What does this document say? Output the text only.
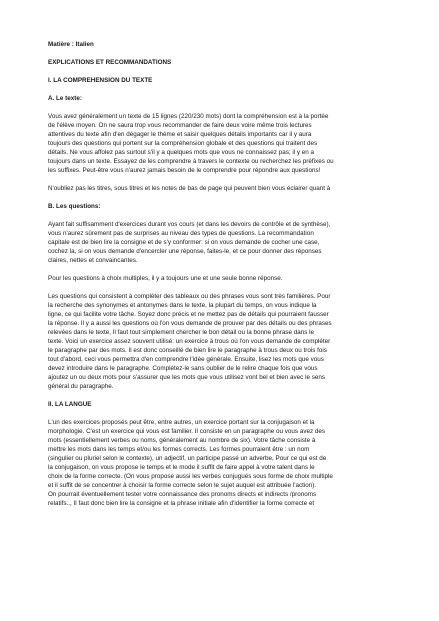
Matière : Italien
EXPLICATIONS ET RECOMMANDATIONS
I. LA COMPREHENSION DU TEXTE
A. Le texte:
Vous avez généralement un texte de 15 lignes (220/230 mots) dont la compréhension est à la portée
de l'élève moyen. On ne saura trop vous recommander de faire deux voire même trois lectures
attentives du texte afin d'en dégager le thème et saisir quelques détails importants car il y aura
toujours des questions qui portent sur la compréhension globale et des questions qui traitent des
détails. Ne vous affolez pas surtout s'il y a quelques mots que vous ne connaissez pas; il y en a
toujours dans un texte. Essayez de les comprendre à travers le contexte ou recherchez les préfixes ou
les suffixes. Peut-être vous n'aurez jamais besoin de le comprendre pour répondre aux questions!
N'oubliez pas les titres, sous titres et les notes de bas de page qui peuvent bien vous éclairer quant à
B. Les questions:
Ayant fait suffisamment d'exercices durant vos cours (et dans les devoirs de contrôle et de synthèse),
vous n'aurez sûrement pas de surprises au niveau des types de questions. La recommandation
capitale est de bien lire la consigne et de s'y conformer: si on vous demande de cocher une case,
cochez la, si on vous demande d'encercler une réponse, faites-le, et ce pour donner des réponses
claires, nettes et convaincantes.
Pour les questions à choix multiples, il y a toujours une et une seule bonne réponse.
Les questions qui consistent à compléter des tableaux ou des phrases vous sont très familières. Pour
la recherche des synonymes et antonymes dans le texte, la plupart du temps, on vous indique la
ligne, ce qui facilite votre tâche. Soyez donc précis et ne mettez pas de détails qui pourraient fausser
la réponse. Il y a aussi les questions où l'on vous demande de prouver par des détails ou des phrases
relevées dans le texte, Il faut tout simplement chercher le bon détail ou la bonne phrase dans le
texte. Voici un exercice assez souvent utilisé: un exercice à trous où l'on vous demande de compléter
le paragraphe par des mots. Il est donc conseillé de bien lire le paragraphe à trous deux ou trois fois
tout d'abord, ceci vous permettra d'en comprendre l'idée générale. Ensuite, lisez les mots que vous
devez introduire dans le paragraphe. Complétez-le sans oublier de le relire chaque fois que vous
ajoutez un ou deux mots pour s'assurer que les mots que vous utilisez vont bel et bien avec le sens
général du paragraphe.
II. LA LANGUE
L'un des exercices proposés peut être, entre autres, un exercice portant sur la conjugaison et la
morphologie. C'est un exercice qui vous est familier. Il consiste en un paragraphe ou vous avez des
mots (essentiellement verbes ou noms, généralement au nombre de six). Votre tâche consiste à
mettre les mots dans les temps et/ou les formes corrects. Les formes pourraient être : un nom
(singulier ou pluriel selon le contexte), un adjectif, un participe passé un adverbe, Pour ce qui est de
la conjugaison, on vous propose le temps et le mode il suffit de faire appel à votre talent dans le
choix de la forme correcte. (On vous propose aussi les verbes conjugués sous forme de choix multiple
et il suffit de se concentrer à choisir la forme correcte selon le sujet auquel est attribuée l'action).
On pourrait éventuellement tester votre connaissance des pronoms directs et indirects /pronoms
relatifs.., Il faut donc bien lire la consigne et la phrase initiale afin d'identifier la forme correcte et
